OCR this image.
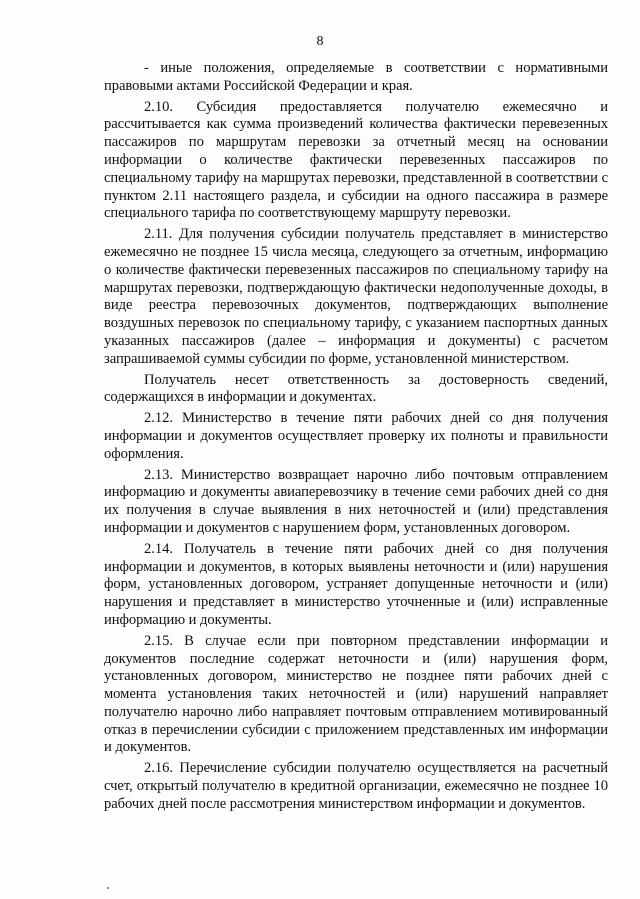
8

- иные положения, определяемые в соответствии с нормативными правовыми актами Российской Федерации и края.

2.10. Субсидия предоставляется получателю ежемесячно и рассчитывается как сумма произведений количества фактически перевезенных пассажиров по маршрутам перевозки за отчетный месяц на основании информации о количестве фактически перевезенных пассажиров по специальному тарифу на маршрутах перевозки, представленной в соответствии с пунктом 2.11 настоящего раздела, и субсидии на одного пассажира в размере специального тарифа по соответствующему маршруту перевозки.

2.11. Для получения субсидии получатель представляет в министерство ежемесячно не позднее 15 числа месяца, следующего за отчетным, информацию о количестве фактически перевезенных пассажиров по специальному тарифу на маршрутах перевозки, подтверждающую фактически недополученные доходы, в виде реестра перевозочных документов, подтверждающих выполнение воздушных перевозок по специальному тарифу, с указанием паспортных данных указанных пассажиров (далее – информация и документы) с расчетом запрашиваемой суммы субсидии по форме, установленной министерством.

Получатель несет ответственность за достоверность сведений, содержащихся в информации и документах.

2.12. Министерство в течение пяти рабочих дней со дня получения информации и документов осуществляет проверку их полноты и правильности оформления.

2.13. Министерство возвращает нарочно либо почтовым отправлением информацию и документы авиаперевозчику в течение семи рабочих дней со дня их получения в случае выявления в них неточностей и (или) представления информации и документов с нарушением форм, установленных договором.

2.14. Получатель в течение пяти рабочих дней со дня получения информации и документов, в которых выявлены неточности и (или) нарушения форм, установленных договором, устраняет допущенные неточности и (или) нарушения и представляет в министерство уточненные и (или) исправленные информацию и документы.

2.15. В случае если при повторном представлении информации и документов последние содержат неточности и (или) нарушения форм, установленных договором, министерство не позднее пяти рабочих дней с момента установления таких неточностей и (или) нарушений направляет получателю нарочно либо направляет почтовым отправлением мотивированный отказ в перечислении субсидии с приложением представленных им информации и документов.

2.16. Перечисление субсидии получателю осуществляется на расчетный счет, открытый получателю в кредитной организации, ежемесячно не позднее 10 рабочих дней после рассмотрения министерством информации и документов.
